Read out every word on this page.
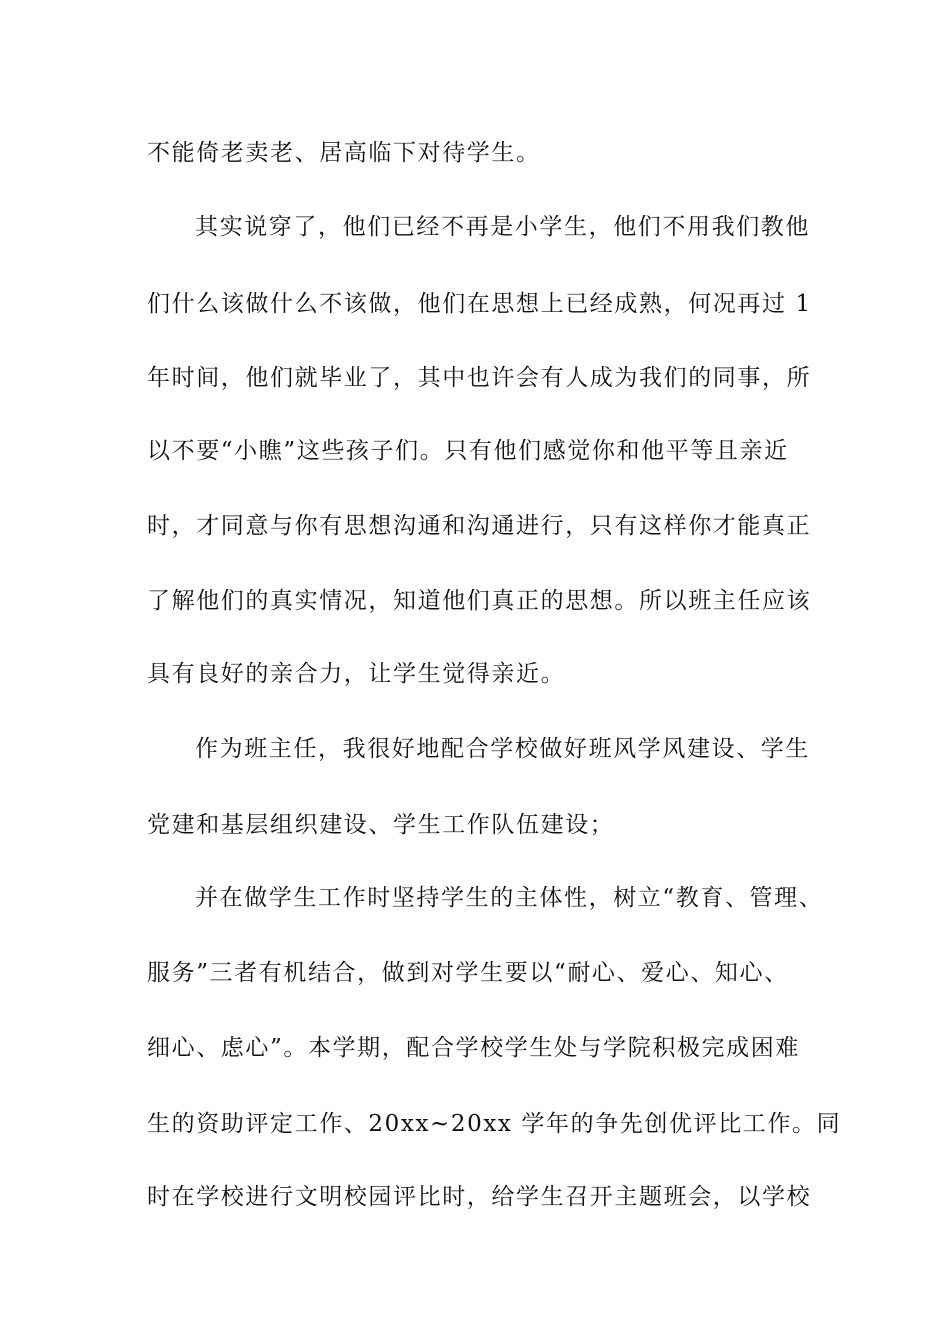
不能倚老卖老、居高临下对待学生。
其实说穿了，他们已经不再是小学生，他们不用我们教他
们什么该做什么不该做，他们在思想上已经成熟，何况再过 1
年时间，他们就毕业了，其中也许会有人成为我们的同事，所
以不要“小瞧”这些孩子们。只有他们感觉你和他平等且亲近
时，才同意与你有思想沟通和沟通进行，只有这样你才能真正
了解他们的真实情况，知道他们真正的思想。所以班主任应该
具有良好的亲合力，让学生觉得亲近。
作为班主任，我很好地配合学校做好班风学风建设、学生
党建和基层组织建设、学生工作队伍建设；
并在做学生工作时坚持学生的主体性，树立“教育、管理、
服务”三者有机结合，做到对学生要以“耐心、爱心、知心、
细心、虑心”。本学期，配合学校学生处与学院积极完成困难
生的资助评定工作、20xx~20xx 学年的争先创优评比工作。同
时在学校进行文明校园评比时，给学生召开主题班会，以学校
